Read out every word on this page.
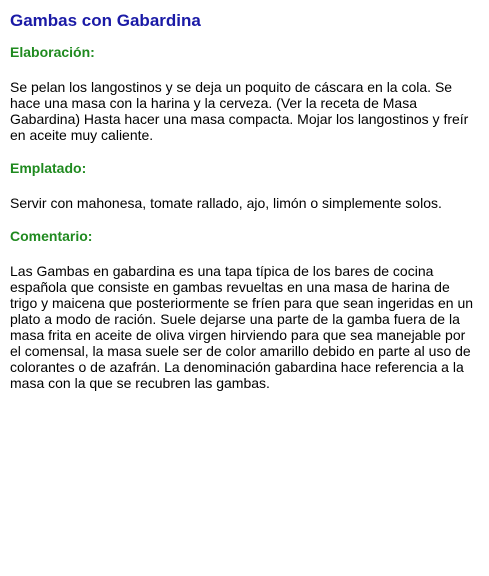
Gambas con Gabardina
Elaboración:

Se pelan los langostinos y se deja un poquito de cáscara en la cola. Se hace una masa con la harina y la cerveza. (Ver la receta de Masa Gabardina) Hasta hacer una masa compacta. Mojar los langostinos y freír en aceite muy caliente.

Emplatado:

Servir con mahonesa, tomate rallado, ajo, limón o simplemente solos.

Comentario:

Las Gambas en gabardina es una tapa típica de los bares de cocina española que consiste en gambas revueltas en una masa de harina de trigo y maicena que posteriormente se fríen para que sean ingeridas en un plato a modo de ración. Suele dejarse una parte de la gamba fuera de la masa frita en aceite de oliva virgen hirviendo para que sea manejable por el comensal, la masa suele ser de color amarillo debido en parte al uso de colorantes o de azafrán. La denominación gabardina hace referencia a la masa con la que se recubren las gambas.
